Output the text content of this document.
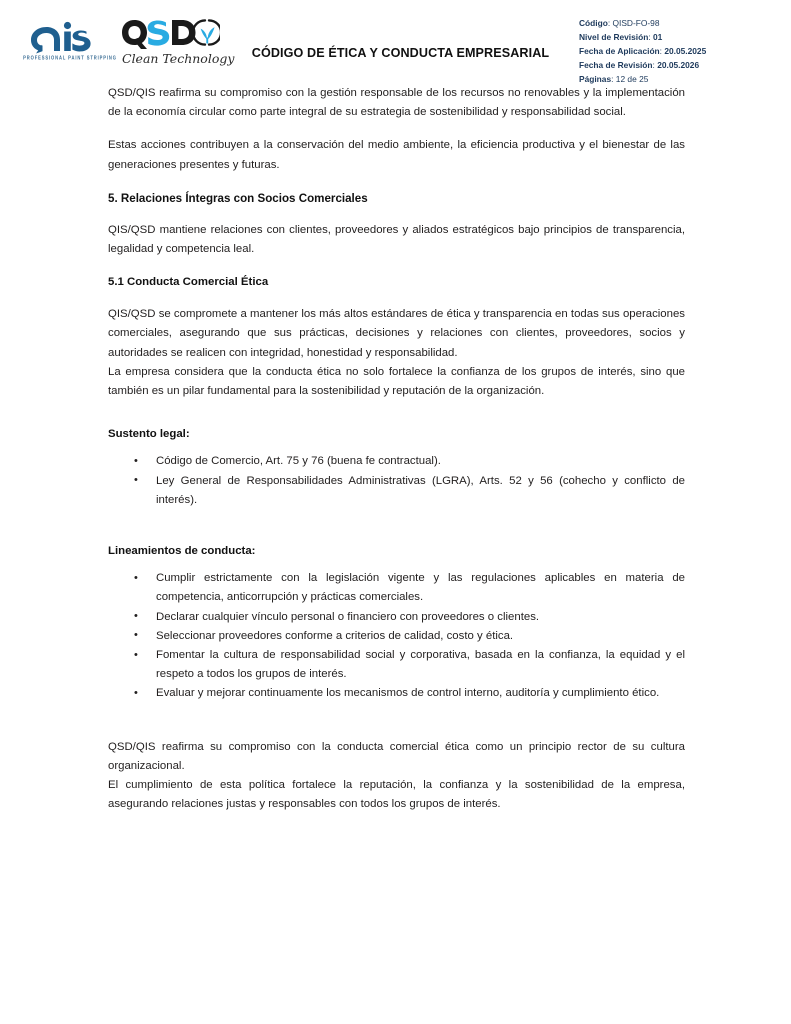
PROFESSIONAL PAINT STRIPPING Clean Technology	CÓDIGO DE ÉTICA Y CONDUCTA EMPRESARIAL
Código: QISD-FO-98
Nivel de Revisión: 01
Fecha de Aplicación: 20.05.2025
Fecha de Revisión: 20.05.2026
Páginas: 12 de 25

QSD/QIS reafirma su compromiso con la gestión responsable de los recursos no renovables y la implementación de la economía circular como parte integral de su estrategia de sostenibilidad y responsabilidad social.

Estas acciones contribuyen a la conservación del medio ambiente, la eficiencia productiva y el bienestar de las generaciones presentes y futuras.

5. Relaciones Íntegras con Socios Comerciales

QIS/QSD mantiene relaciones con clientes, proveedores y aliados estratégicos bajo principios de transparencia, legalidad y competencia leal.

5.1 Conducta Comercial Ética

QIS/QSD se compromete a mantener los más altos estándares de ética y transparencia en todas sus operaciones comerciales, asegurando que sus prácticas, decisiones y relaciones con clientes, proveedores, socios y autoridades se realicen con integridad, honestidad y responsabilidad.

La empresa considera que la conducta ética no solo fortalece la confianza de los grupos de interés, sino que también es un pilar fundamental para la sostenibilidad y reputación de la organización.

Sustento legal:

• Código de Comercio, Art. 75 y 76 (buena fe contractual).
• Ley General de Responsabilidades Administrativas (LGRA), Arts. 52 y 56 (cohecho y conflicto de interés).

Lineamientos de conducta:

• Cumplir estrictamente con la legislación vigente y las regulaciones aplicables en materia de competencia, anticorrupción y prácticas comerciales.
• Declarar cualquier vínculo personal o financiero con proveedores o clientes.
• Seleccionar proveedores conforme a criterios de calidad, costo y ética.
• Fomentar la cultura de responsabilidad social y corporativa, basada en la confianza, la equidad y el respeto a todos los grupos de interés.
• Evaluar y mejorar continuamente los mecanismos de control interno, auditoría y cumplimiento ético.

QSD/QIS reafirma su compromiso con la conducta comercial ética como un principio rector de su cultura organizacional.

El cumplimiento de esta política fortalece la reputación, la confianza y la sostenibilidad de la empresa, asegurando relaciones justas y responsables con todos los grupos de interés.
